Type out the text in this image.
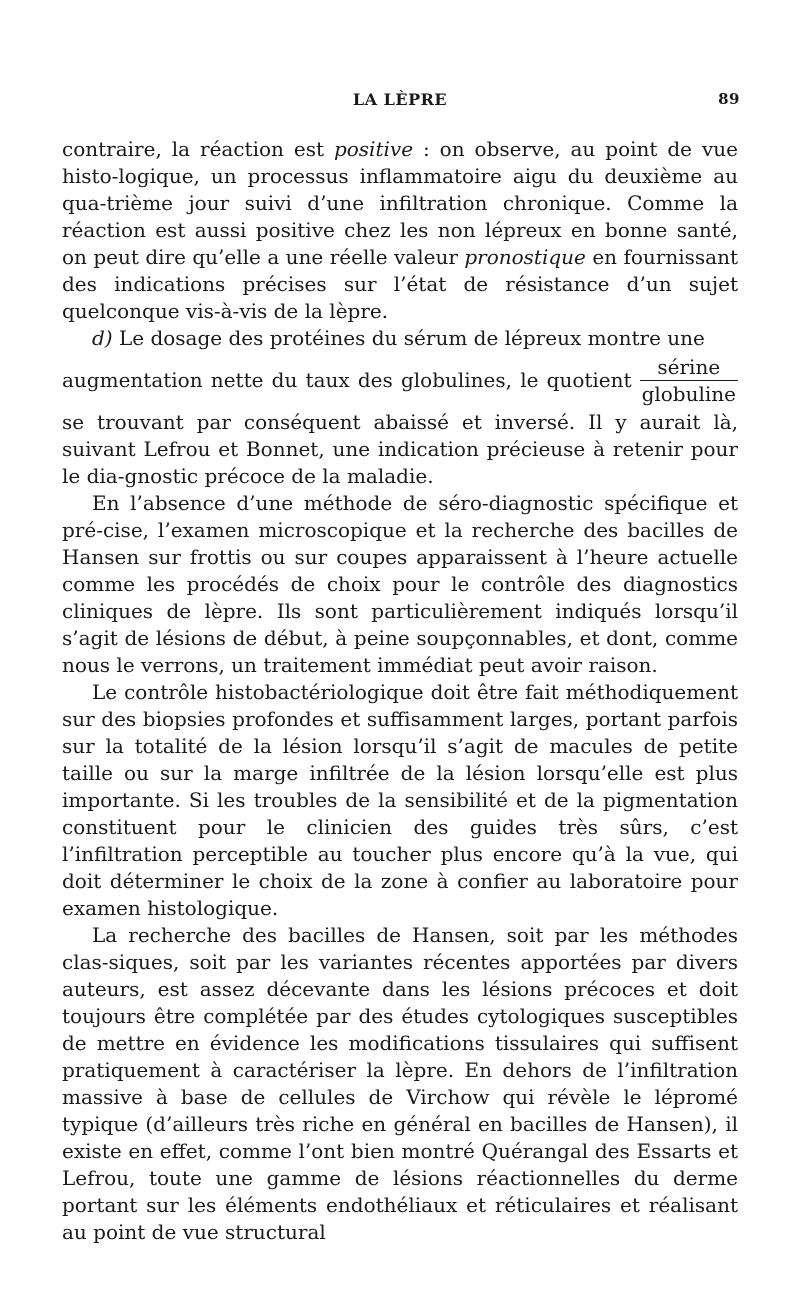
LA LÈPRE	89

contraire, la réaction est positive : on observe, au point de vue histo-logique, un processus inflammatoire aigu du deuxième au qua-trième jour suivi d’une infiltration chronique. Comme la réaction est aussi positive chez les non lépreux en bonne santé, on peut dire qu’elle a une réelle valeur pronostique en fournissant des indications précises sur l’état de résistance d’un sujet quelconque vis-à-vis de la lèpre.

d) Le dosage des protéines du sérum de lépreux montre une

augmentation nette du taux des globulines, le quotient $\frac{\text{sérine}}{\text{globuline}}$

se trouvant par conséquent abaissé et inversé. Il y aurait là, suivant Lefrou et Bonnet, une indication précieuse à retenir pour le dia-gnostic précoce de la maladie.

En l’absence d’une méthode de séro-diagnostic spécifique et pré-cise, l’examen microscopique et la recherche des bacilles de Hansen sur frottis ou sur coupes apparaissent à l’heure actuelle comme les procédés de choix pour le contrôle des diagnostics cliniques de lèpre. Ils sont particulièrement indiqués lorsqu’il s’agit de lésions de début, à peine soupçonnables, et dont, comme nous le verrons, un traitement immédiat peut avoir raison.

Le contrôle histobactériologique doit être fait méthodiquement sur des biopsies profondes et suffisamment larges, portant parfois sur la totalité de la lésion lorsqu’il s’agit de macules de petite taille ou sur la marge infiltrée de la lésion lorsqu’elle est plus importante. Si les troubles de la sensibilité et de la pigmentation constituent pour le clinicien des guides très sûrs, c’est l’infiltration perceptible au toucher plus encore qu’à la vue, qui doit déterminer le choix de la zone à confier au laboratoire pour examen histologique.

La recherche des bacilles de Hansen, soit par les méthodes clas-siques, soit par les variantes récentes apportées par divers auteurs, est assez décevante dans les lésions précoces et doit toujours être complétée par des études cytologiques susceptibles de mettre en évidence les modifications tissulaires qui suffisent pratiquement à caractériser la lèpre. En dehors de l’infiltration massive à base de cellules de Virchow qui révèle le lépromé typique (d’ailleurs très riche en général en bacilles de Hansen), il existe en effet, comme l’ont bien montré Quérangal des Essarts et Lefrou, toute une gamme de lésions réactionnelles du derme portant sur les éléments endothéliaux et réticulaires et réalisant au point de vue structural
